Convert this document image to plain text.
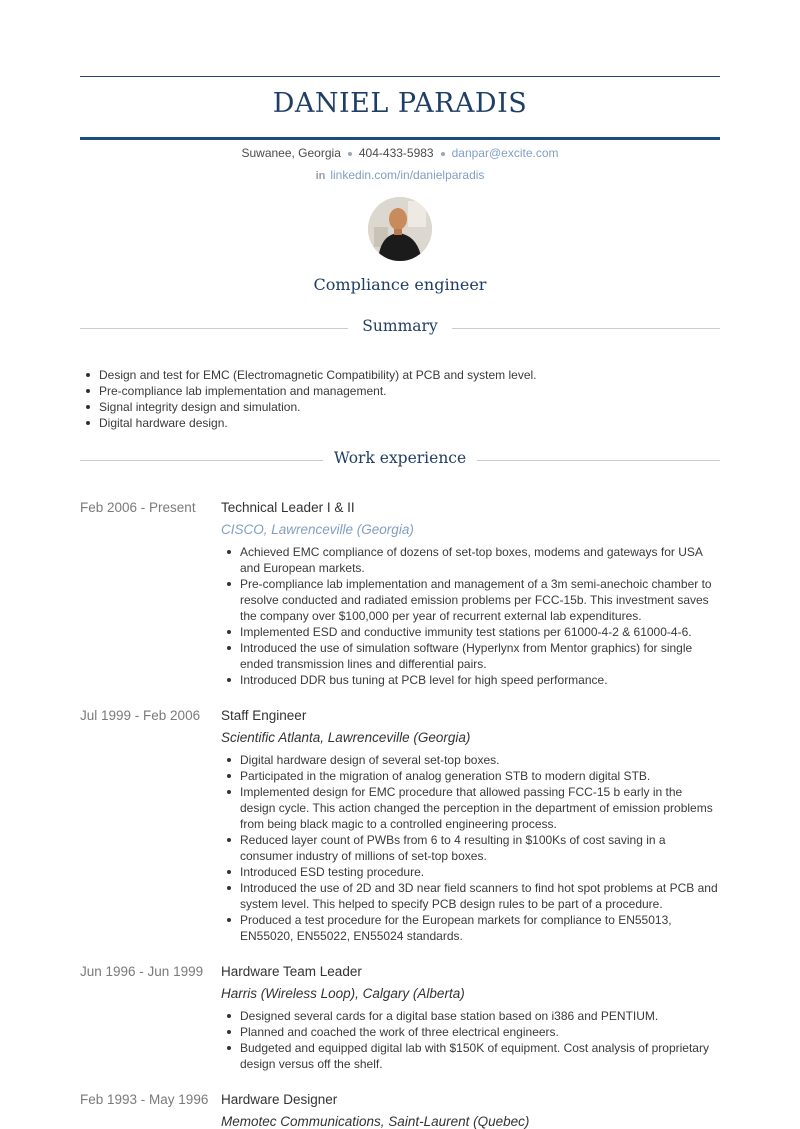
DANIEL PARADIS
Suwanee, Georgia 404-433-5983 danpar@excite.com
in linkedin.com/in/danielparadis
Compliance engineer
Summary
Design and test for EMC (Electromagnetic Compatibility) at PCB and system level.
Pre-compliance lab implementation and management.
Signal integrity design and simulation.
Digital hardware design.
Work experience
Feb 2006 - Present Technical Leader I & II
CISCO, Lawrenceville (Georgia)
Achieved EMC compliance of dozens of set-top boxes, modems and gateways for USA and European markets.
Pre-compliance lab implementation and management of a 3m semi-anechoic chamber to resolve conducted and radiated emission problems per FCC-15b. This investment saves the company over $100,000 per year of recurrent external lab expenditures.
Implemented ESD and conductive immunity test stations per 61000-4-2 & 61000-4-6.
Introduced the use of simulation software (Hyperlynx from Mentor graphics) for single ended transmission lines and differential pairs.
Introduced DDR bus tuning at PCB level for high speed performance.
Jul 1999 - Feb 2006 Staff Engineer
Scientific Atlanta, Lawrenceville (Georgia)
Digital hardware design of several set-top boxes.
Participated in the migration of analog generation STB to modern digital STB.
Implemented design for EMC procedure that allowed passing FCC-15 b early in the design cycle. This action changed the perception in the department of emission problems from being black magic to a controlled engineering process.
Reduced layer count of PWBs from 6 to 4 resulting in $100Ks of cost saving in a consumer industry of millions of set-top boxes.
Introduced ESD testing procedure.
Introduced the use of 2D and 3D near field scanners to find hot spot problems at PCB and system level. This helped to specify PCB design rules to be part of a procedure.
Produced a test procedure for the European markets for compliance to EN55013, EN55020, EN55022, EN55024 standards.
Jun 1996 - Jun 1999 Hardware Team Leader
Harris (Wireless Loop), Calgary (Alberta)
Designed several cards for a digital base station based on i386 and PENTIUM.
Planned and coached the work of three electrical engineers.
Budgeted and equipped digital lab with $150K of equipment. Cost analysis of proprietary design versus off the shelf.
Feb 1993 - May 1996 Hardware Designer
Memotec Communications, Saint-Laurent (Quebec)
